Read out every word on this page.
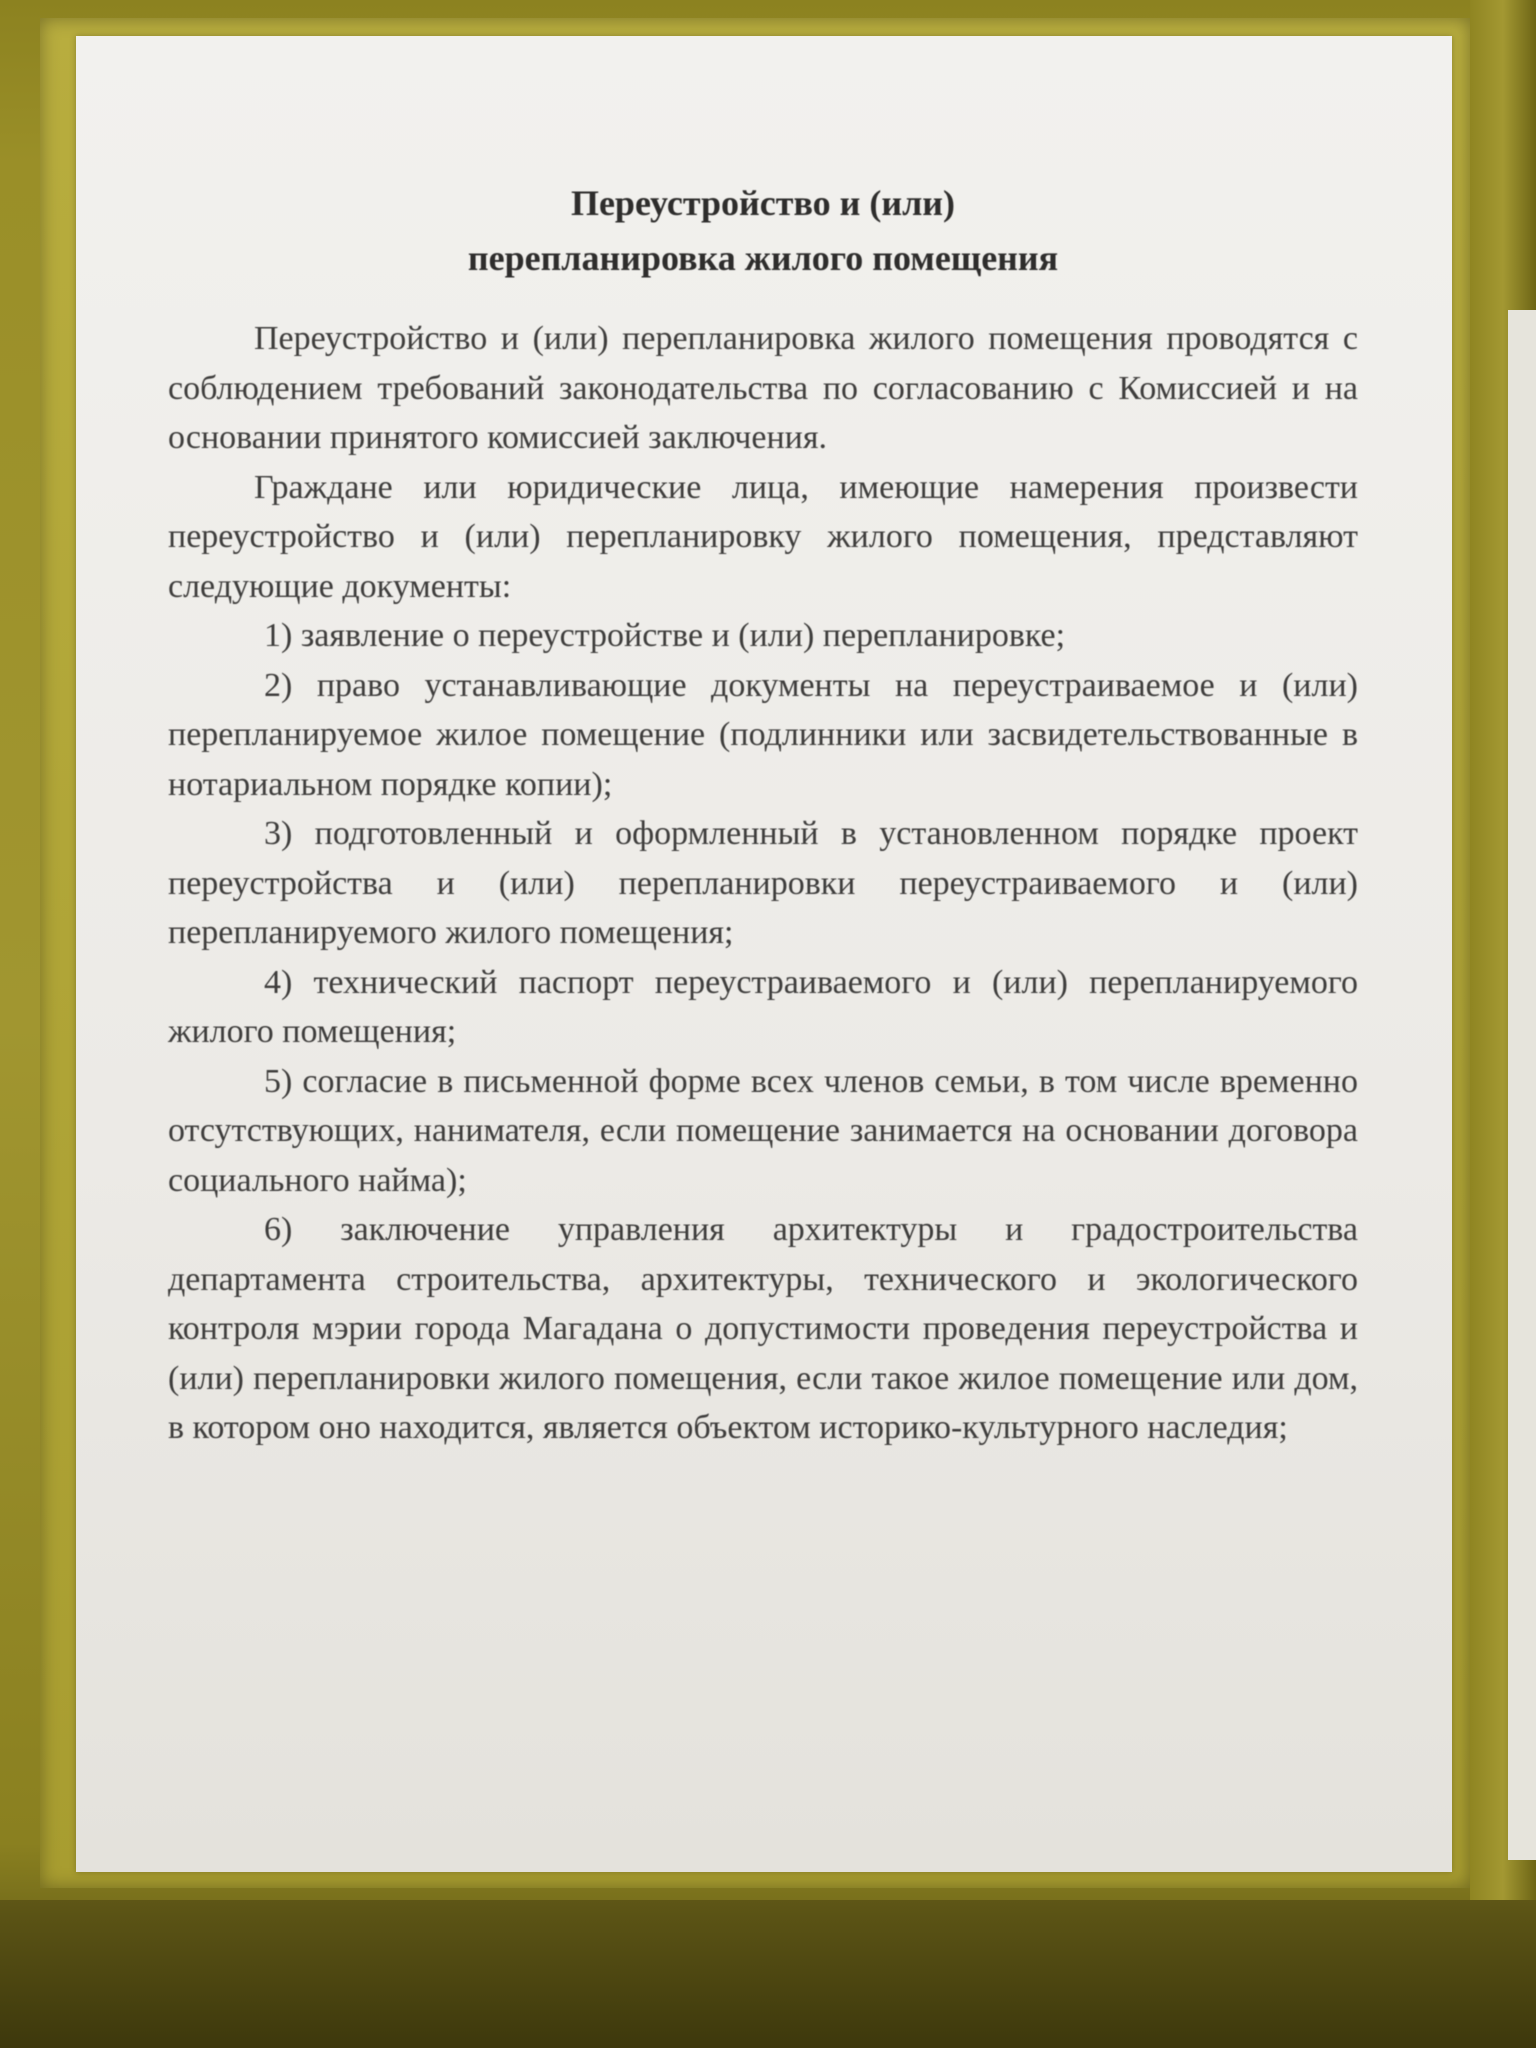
Переустройство и (или)
перепланировка жилого помещения

Переустройство и (или) перепланировка жилого помещения проводятся с соблюдением требований законодательства по согласованию с Комиссией и на основании принятого комиссией заключения.

Граждане или юридические лица, имеющие намерения произвести переустройство и (или) перепланировку жилого помещения, представляют следующие документы:

1) заявление о переустройстве и (или) перепланировке;

2) право устанавливающие документы на переустраиваемое и (или) перепланируемое жилое помещение (подлинники или засвидетельствованные в нотариальном порядке копии);

3) подготовленный и оформленный в установленном порядке проект переустройства и (или) перепланировки переустраиваемого и (или) перепланируемого жилого помещения;

4) технический паспорт переустраиваемого и (или) перепланируемого жилого помещения;

5) согласие в письменной форме всех членов семьи, в том числе временно отсутствующих, нанимателя, если помещение занимается на основании договора социального найма);

6) заключение управления архитектуры и градостроительства департамента строительства, архитектуры, технического и экологического контроля мэрии города Магадана о допустимости проведения переустройства и (или) перепланировки жилого помещения, если такое жилое помещение или дом, в котором оно находится, является объектом историко-культурного наследия;
